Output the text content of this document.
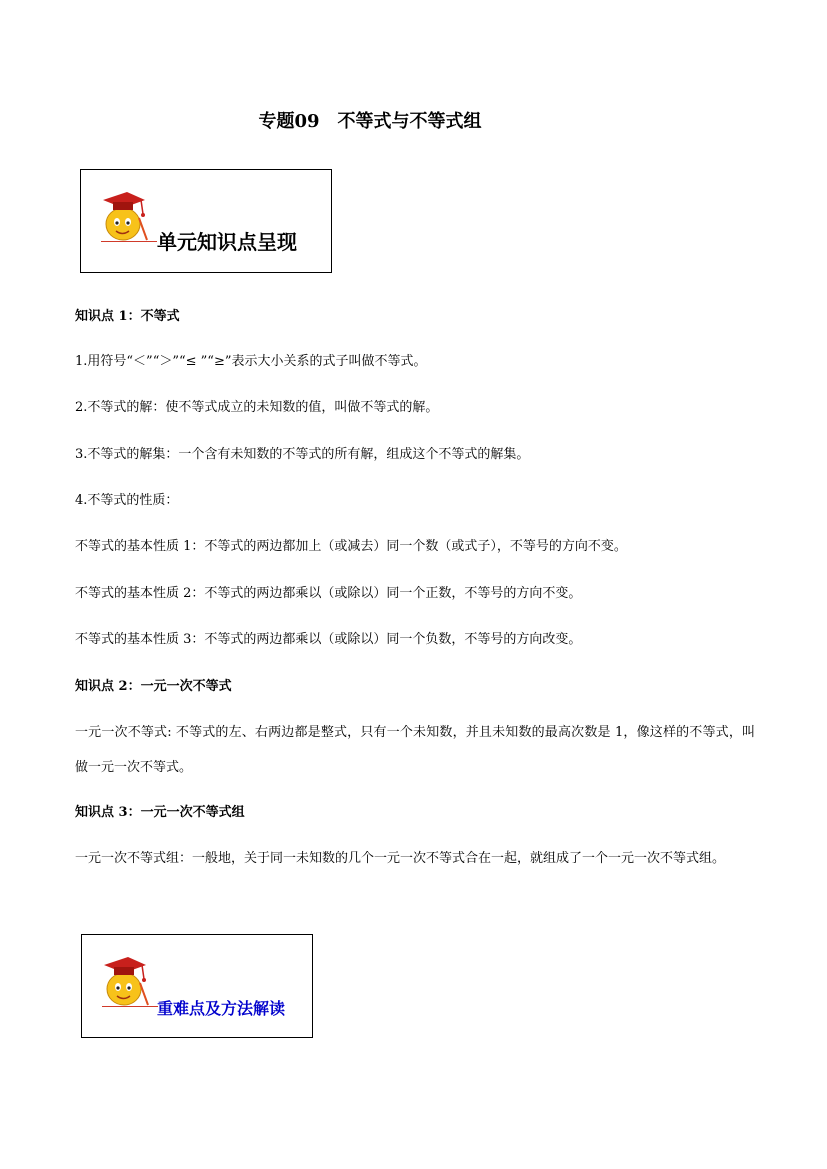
专题09　不等式与不等式组
单元知识点呈现
知识点 1：不等式
1.用符号“＜”“＞”“≤ ”“≥”表示大小关系的式子叫做不等式。
2.不等式的解：使不等式成立的未知数的值，叫做不等式的解。
3.不等式的解集：一个含有未知数的不等式的所有解，组成这个不等式的解集。
4.不等式的性质：
不等式的基本性质 1：不等式的两边都加上（或减去）同一个数（或式子），不等号的方向不变。
不等式的基本性质 2：不等式的两边都乘以（或除以）同一个正数，不等号的方向不变。
不等式的基本性质 3：不等式的两边都乘以（或除以）同一个负数，不等号的方向改变。
知识点 2：一元一次不等式
一元一次不等式: 不等式的左、右两边都是整式，只有一个未知数，并且未知数的最高次数是 1，像这样的不等式，叫做一元一次不等式。
知识点 3：一元一次不等式组
一元一次不等式组：一般地，关于同一未知数的几个一元一次不等式合在一起，就组成了一个一元一次不等式组。
重难点及方法解读
